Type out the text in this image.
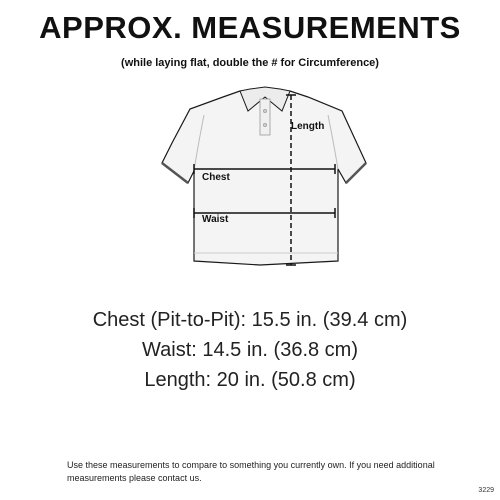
APPROX. MEASUREMENTS
(while laying flat, double the # for Circumference)
Length
Chest
Waist
Chest (Pit-to-Pit): 15.5 in. (39.4 cm)
Waist: 14.5 in. (36.8 cm)
Length: 20 in. (50.8 cm)
Use these measurements to compare to something you currently own. If you need additional measurements please contact us.
3229
